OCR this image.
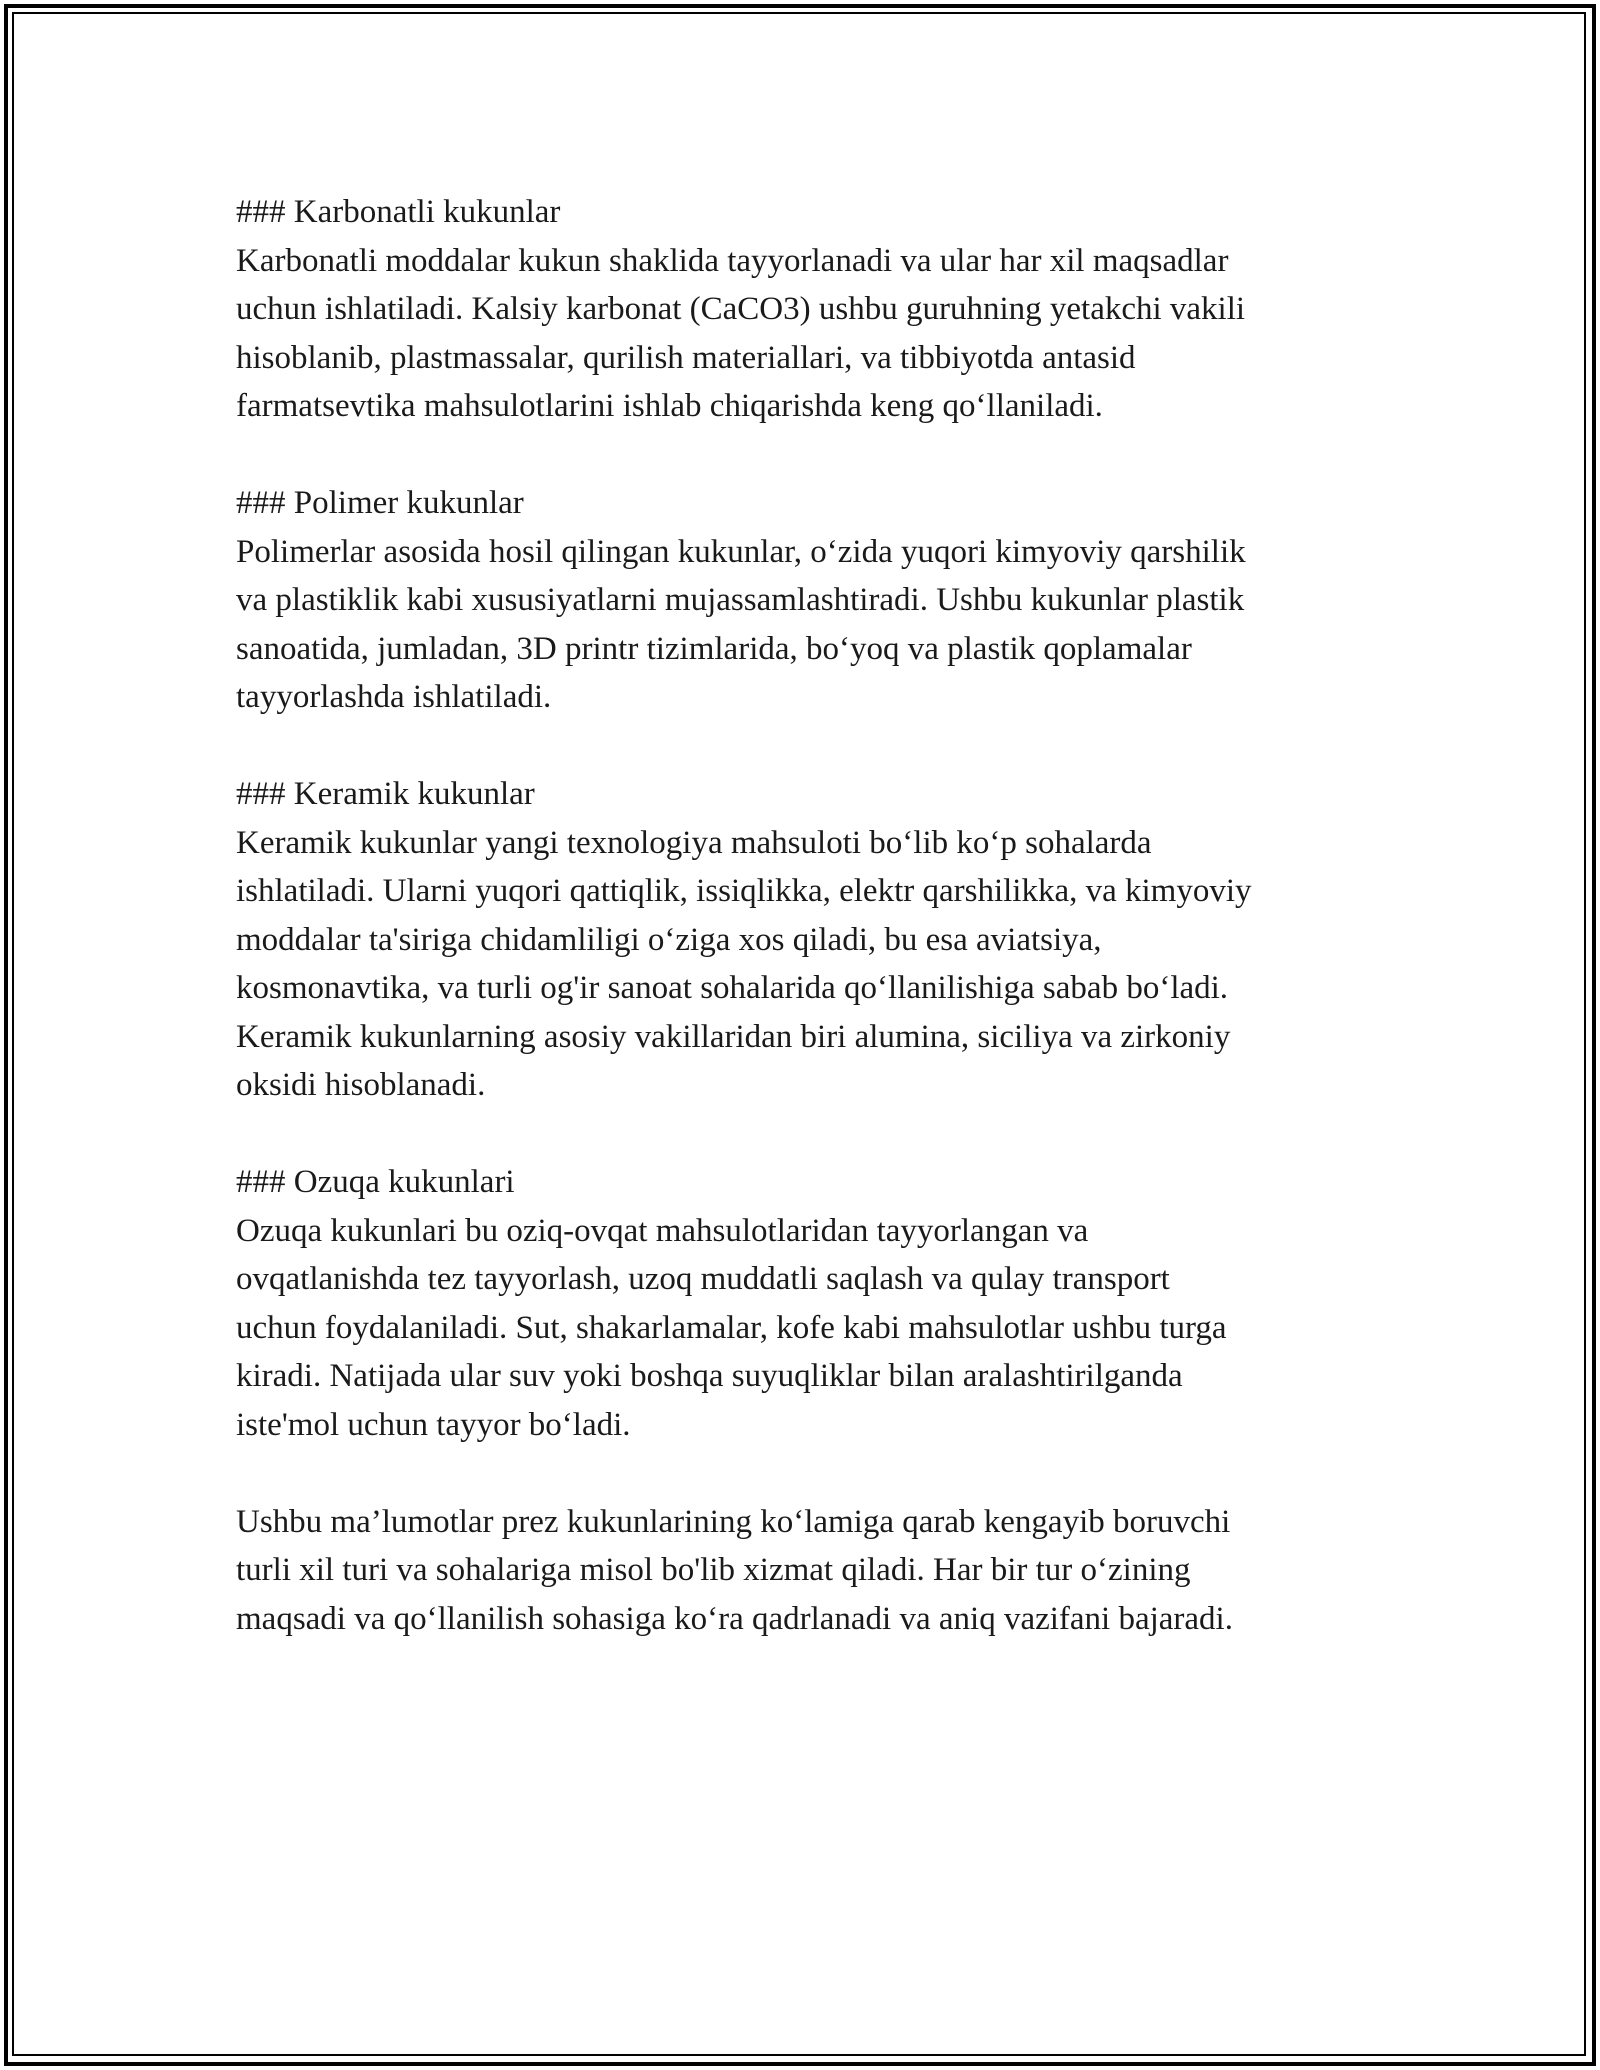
### Karbonatli kukunlar

Karbonatli moddalar kukun shaklida tayyorlanadi va ular har xil maqsadlar
uchun ishlatiladi. Kalsiy karbonat (CaCO3) ushbu guruhning yetakchi vakili
hisoblanib, plastmassalar, qurilish materiallari, va tibbiyotda antasid
farmatsevtika mahsulotlarini ishlab chiqarishda keng qo‘llaniladi.

### Polimer kukunlar

Polimerlar asosida hosil qilingan kukunlar, o‘zida yuqori kimyoviy qarshilik
va plastiklik kabi xususiyatlarni mujassamlashtiradi. Ushbu kukunlar plastik
sanoatida, jumladan, 3D printr tizimlarida, bo‘yoq va plastik qoplamalar
tayyorlashda ishlatiladi.

### Keramik kukunlar

Keramik kukunlar yangi texnologiya mahsuloti bo‘lib ko‘p sohalarda
ishlatiladi. Ularni yuqori qattiqlik, issiqlikka, elektr qarshilikka, va kimyoviy
moddalar ta'siriga chidamliligi o‘ziga xos qiladi, bu esa aviatsiya,
kosmonavtika, va turli og'ir sanoat sohalarida qo‘llanilishiga sabab bo‘ladi.
Keramik kukunlarning asosiy vakillaridan biri alumina, siciliya va zirkoniy
oksidi hisoblanadi.

### Ozuqa kukunlari

Ozuqa kukunlari bu oziq-ovqat mahsulotlaridan tayyorlangan va
ovqatlanishda tez tayyorlash, uzoq muddatli saqlash va qulay transport
uchun foydalaniladi. Sut, shakarlamalar, kofe kabi mahsulotlar ushbu turga
kiradi. Natijada ular suv yoki boshqa suyuqliklar bilan aralashtirilganda
iste'mol uchun tayyor bo‘ladi.

Ushbu ma’lumotlar prez kukunlarining ko‘lamiga qarab kengayib boruvchi
turli xil turi va sohalariga misol bo'lib xizmat qiladi. Har bir tur o‘zining
maqsadi va qo‘llanilish sohasiga ko‘ra qadrlanadi va aniq vazifani bajaradi.
